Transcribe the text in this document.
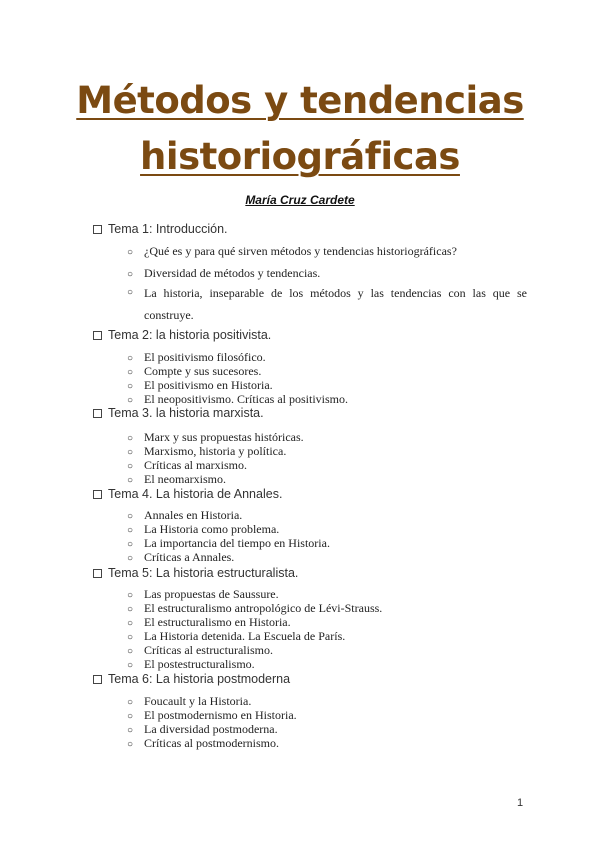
Métodos y tendencias
historiográficas
María Cruz Cardete
Tema 1: Introducción.
○ ¿Qué es y para qué sirven métodos y tendencias historiográficas?
○ Diversidad de métodos y tendencias.
○ La historia, inseparable de los métodos y las tendencias con las que se construye.
Tema 2: la historia positivista.
○ El positivismo filosófico.
○ Compte y sus sucesores.
○ El positivismo en Historia.
○ El neopositivismo. Críticas al positivismo.
Tema 3. la historia marxista.
○ Marx y sus propuestas históricas.
○ Marxismo, historia y política.
○ Críticas al marxismo.
○ El neomarxismo.
Tema 4. La historia de Annales.
○ Annales en Historia.
○ La Historia como problema.
○ La importancia del tiempo en Historia.
○ Críticas a Annales.
Tema 5: La historia estructuralista.
○ Las propuestas de Saussure.
○ El estructuralismo antropológico de Lévi-Strauss.
○ El estructuralismo en Historia.
○ La Historia detenida. La Escuela de París.
○ Críticas al estructuralismo.
○ El postestructuralismo.
Tema 6: La historia postmoderna
○ Foucault y la Historia.
○ El postmodernismo en Historia.
○ La diversidad postmoderna.
○ Críticas al postmodernismo.
1
